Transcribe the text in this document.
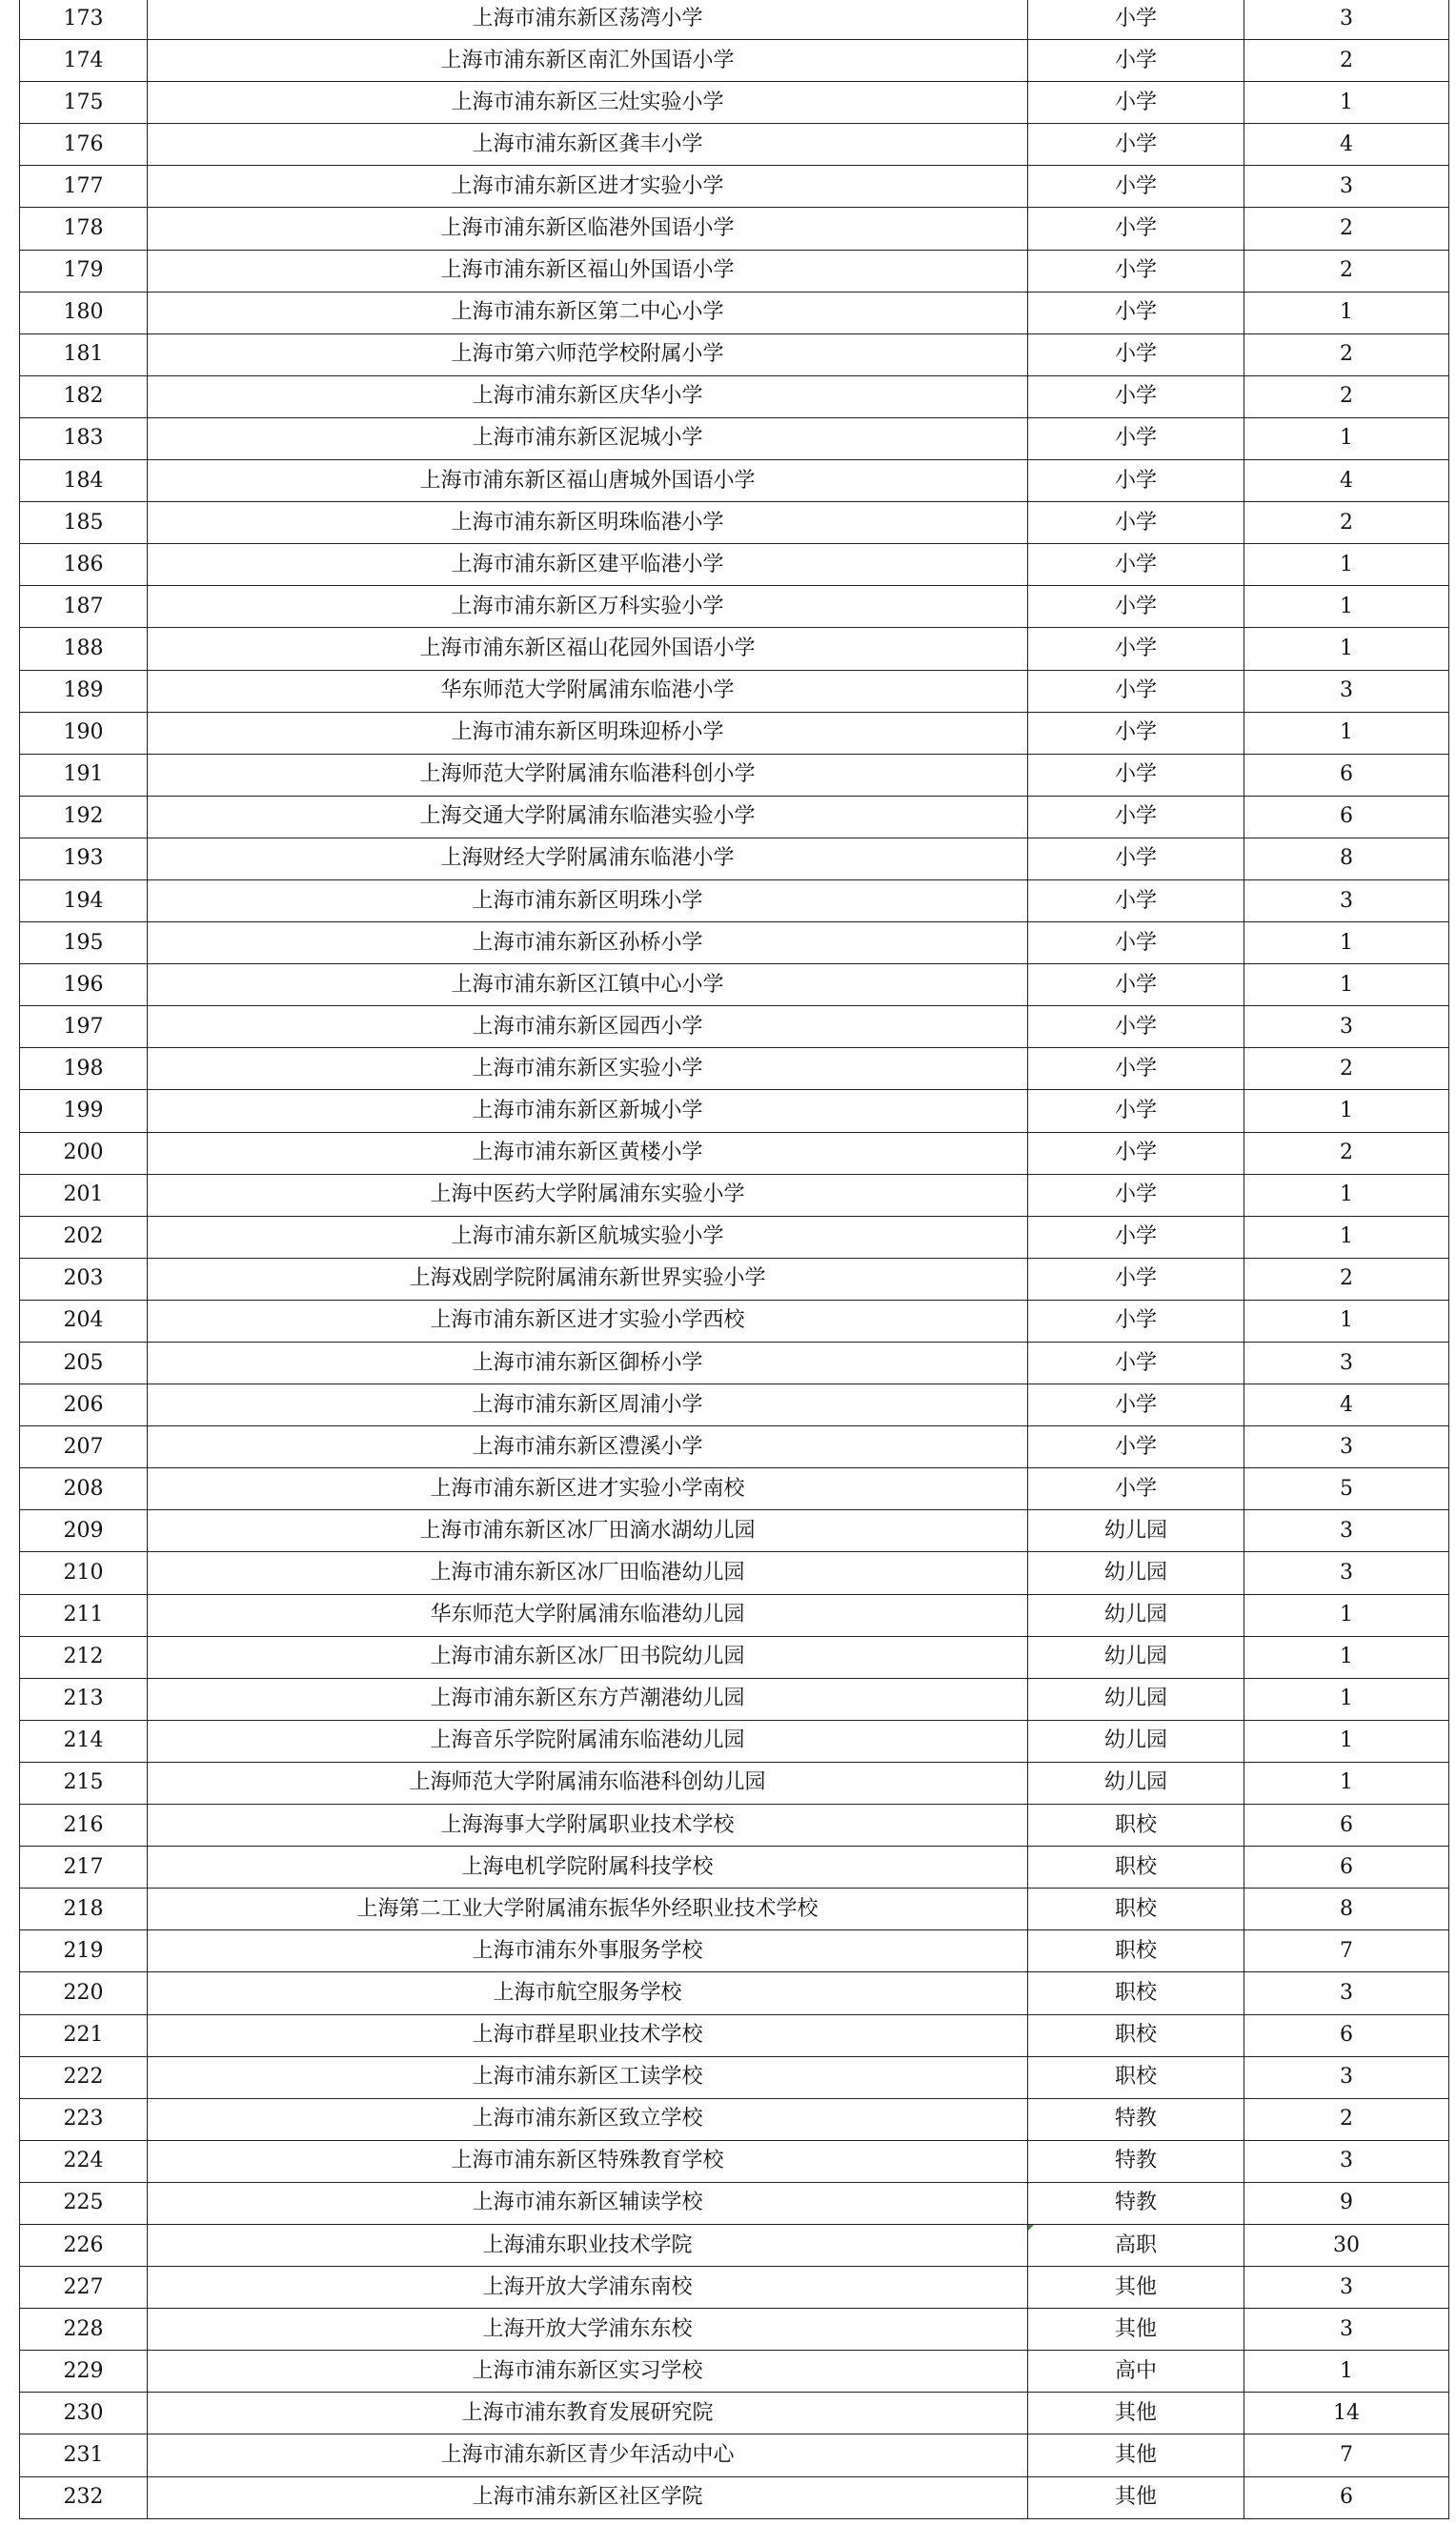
173	上海市浦东新区荡湾小学	小学	3
174	上海市浦东新区南汇外国语小学	小学	2
175	上海市浦东新区三灶实验小学	小学	1
176	上海市浦东新区龚丰小学	小学	4
177	上海市浦东新区进才实验小学	小学	3
178	上海市浦东新区临港外国语小学	小学	2
179	上海市浦东新区福山外国语小学	小学	2
180	上海市浦东新区第二中心小学	小学	1
181	上海市第六师范学校附属小学	小学	2
182	上海市浦东新区庆华小学	小学	2
183	上海市浦东新区泥城小学	小学	1
184	上海市浦东新区福山唐城外国语小学	小学	4
185	上海市浦东新区明珠临港小学	小学	2
186	上海市浦东新区建平临港小学	小学	1
187	上海市浦东新区万科实验小学	小学	1
188	上海市浦东新区福山花园外国语小学	小学	1
189	华东师范大学附属浦东临港小学	小学	3
190	上海市浦东新区明珠迎桥小学	小学	1
191	上海师范大学附属浦东临港科创小学	小学	6
192	上海交通大学附属浦东临港实验小学	小学	6
193	上海财经大学附属浦东临港小学	小学	8
194	上海市浦东新区明珠小学	小学	3
195	上海市浦东新区孙桥小学	小学	1
196	上海市浦东新区江镇中心小学	小学	1
197	上海市浦东新区园西小学	小学	3
198	上海市浦东新区实验小学	小学	2
199	上海市浦东新区新城小学	小学	1
200	上海市浦东新区黄楼小学	小学	2
201	上海中医药大学附属浦东实验小学	小学	1
202	上海市浦东新区航城实验小学	小学	1
203	上海戏剧学院附属浦东新世界实验小学	小学	2
204	上海市浦东新区进才实验小学西校	小学	1
205	上海市浦东新区御桥小学	小学	3
206	上海市浦东新区周浦小学	小学	4
207	上海市浦东新区澧溪小学	小学	3
208	上海市浦东新区进才实验小学南校	小学	5
209	上海市浦东新区冰厂田滴水湖幼儿园	幼儿园	3
210	上海市浦东新区冰厂田临港幼儿园	幼儿园	3
211	华东师范大学附属浦东临港幼儿园	幼儿园	1
212	上海市浦东新区冰厂田书院幼儿园	幼儿园	1
213	上海市浦东新区东方芦潮港幼儿园	幼儿园	1
214	上海音乐学院附属浦东临港幼儿园	幼儿园	1
215	上海师范大学附属浦东临港科创幼儿园	幼儿园	1
216	上海海事大学附属职业技术学校	职校	6
217	上海电机学院附属科技学校	职校	6
218	上海第二工业大学附属浦东振华外经职业技术学校	职校	8
219	上海市浦东外事服务学校	职校	7
220	上海市航空服务学校	职校	3
221	上海市群星职业技术学校	职校	6
222	上海市浦东新区工读学校	职校	3
223	上海市浦东新区致立学校	特教	2
224	上海市浦东新区特殊教育学校	特教	3
225	上海市浦东新区辅读学校	特教	9
226	上海浦东职业技术学院	高职	30
227	上海开放大学浦东南校	其他	3
228	上海开放大学浦东东校	其他	3
229	上海市浦东新区实习学校	高中	1
230	上海市浦东教育发展研究院	其他	14
231	上海市浦东新区青少年活动中心	其他	7
232	上海市浦东新区社区学院	其他	6
